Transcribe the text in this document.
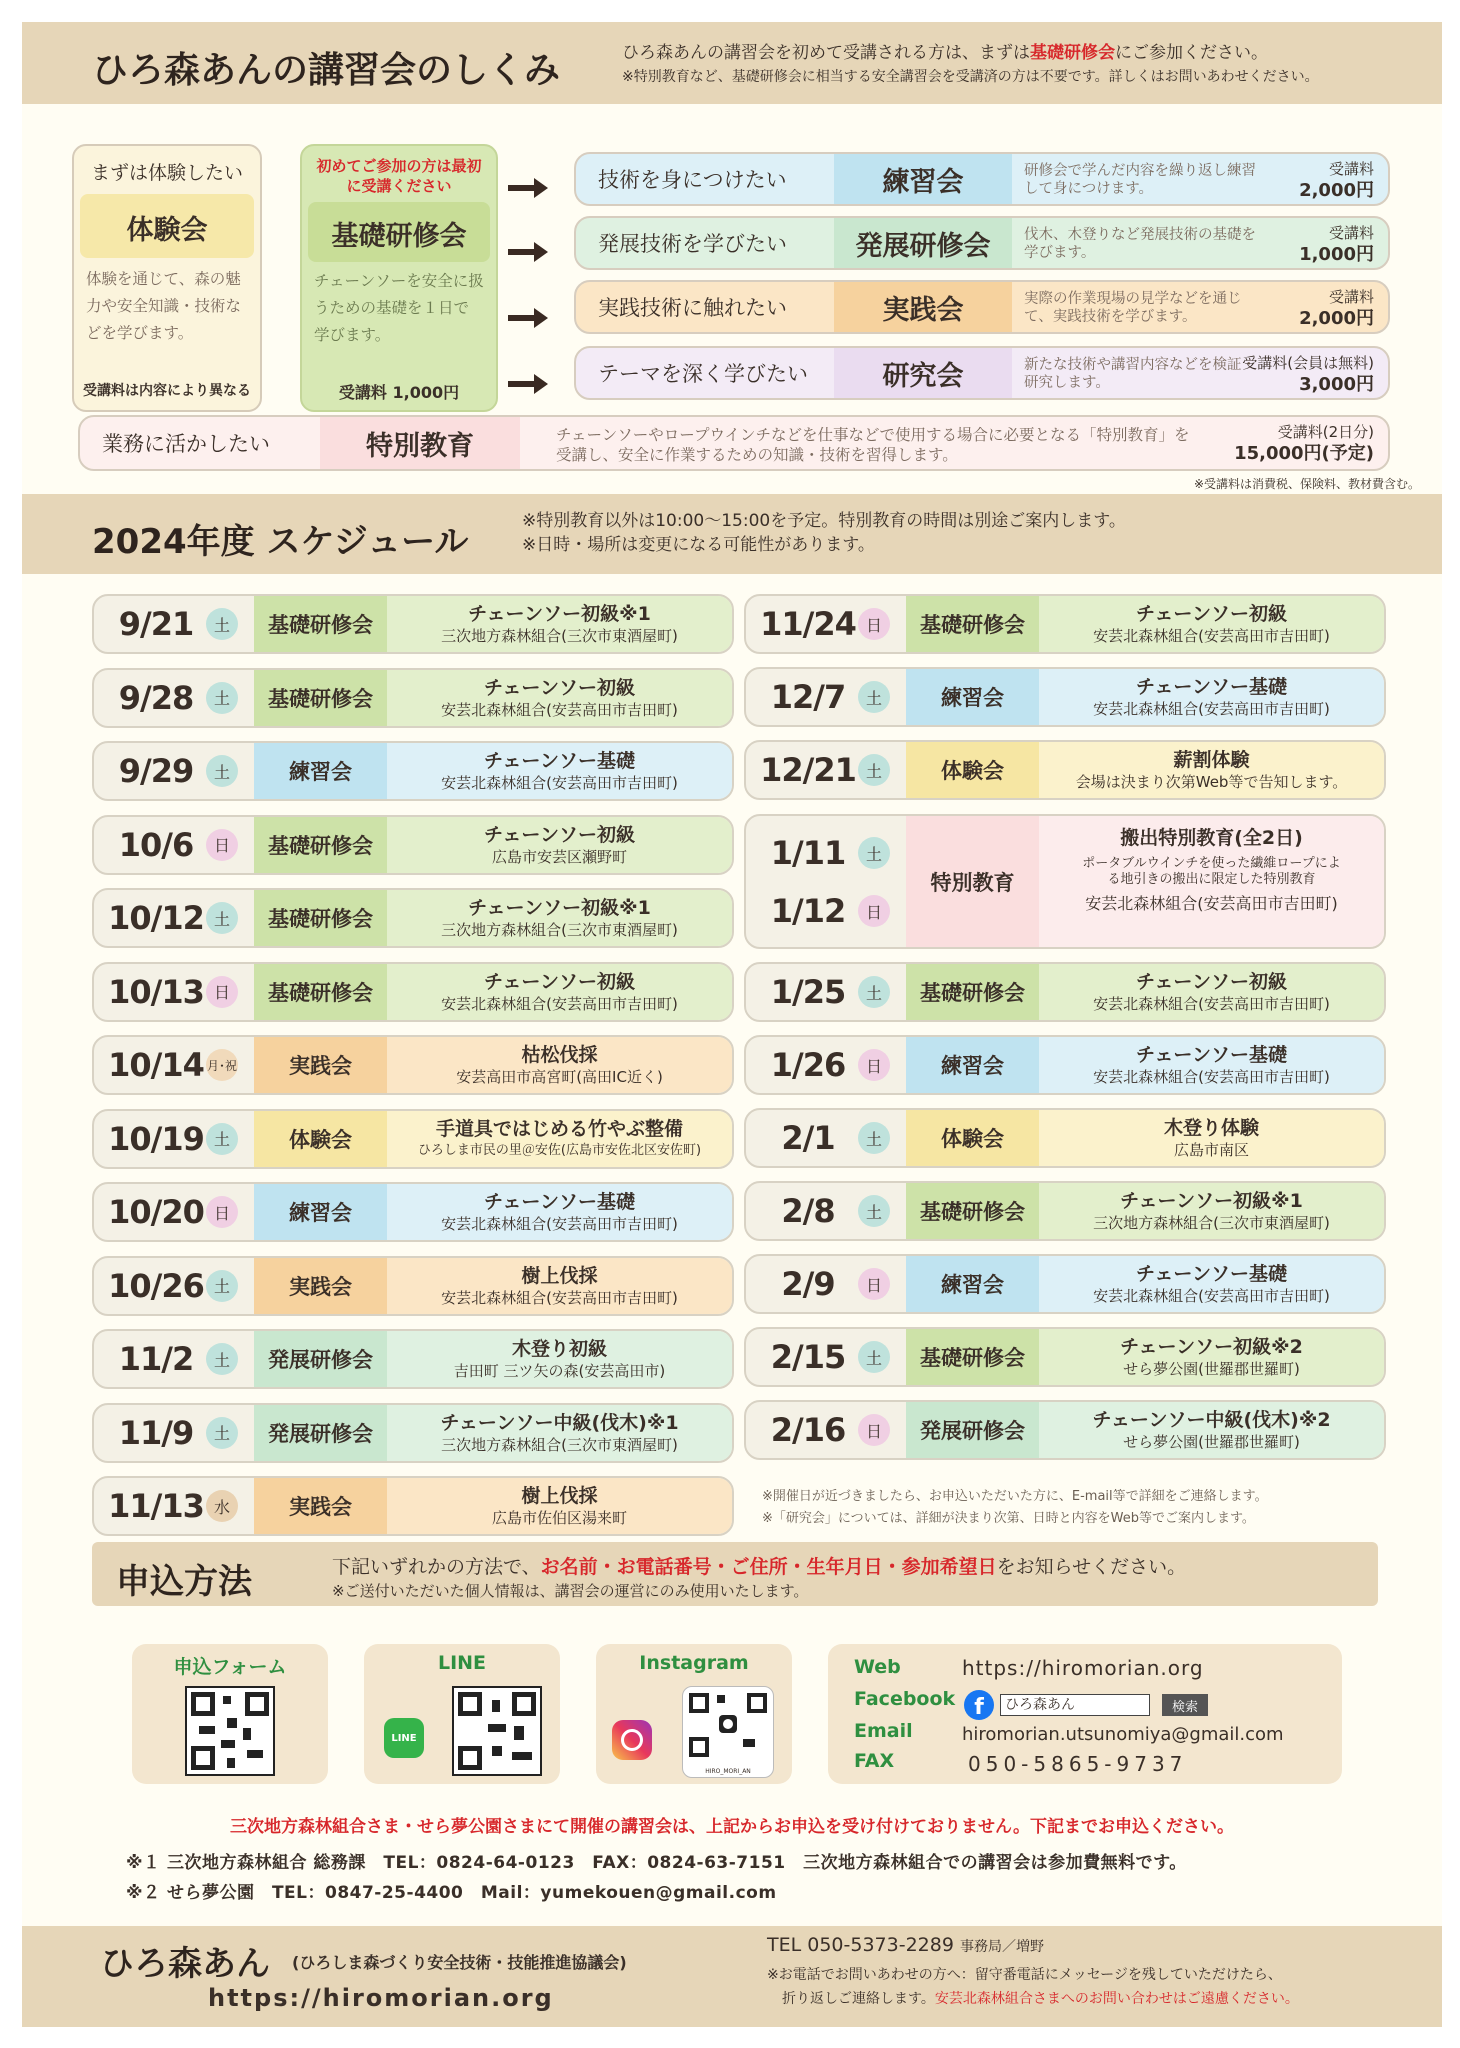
ひろ森あんの講習会のしくみ	ひろ森あんの講習会を初めて受講される方は、まずは基礎研修会にご参加ください。
※特別教育など、基礎研修会に相当する安全講習会を受講済の方は不要です。詳しくはお問いあわせください。
まずは体験したい
体験会
体験を通じて、森の魅力や安全知識・技術などを学びます。
受講料は内容により異なる
初めてご参加の方は最初に受講ください
基礎研修会
チェーンソーを安全に扱うための基礎を１日で学びます。
受講料 1,000円
技術を身につけたい	練習会	研修会で学んだ内容を繰り返し練習して身につけます。
受講料
2,000円
発展技術を学びたい	発展研修会	伐木、木登りなど発展技術の基礎を学びます。
受講料
1,000円
実践技術に触れたい	実践会	実際の作業現場の見学などを通じて、実践技術を学びます。
受講料
2,000円
テーマを深く学びたい	研究会	新たな技術や講習内容などを検証・研究します。
受講料(会員は無料)
3,000円
業務に活かしたい	特別教育	チェーンソーやロープウインチなどを仕事などで使用する場合に必要となる「特別教育」を受講し、安全に作業するための知識・技術を習得します。
受講料(2日分)
15,000円(予定)
※受講料は消費税、保険料、教材費含む。
2024年度 スケジュール
※特別教育以外は10:00～15:00を予定。特別教育の時間は別途ご案内します。
※日時・場所は変更になる可能性があります。
9/21	土	基礎研修会	チェーンソー初級※1
三次地方森林組合(三次市東酒屋町)
9/28	土	基礎研修会	チェーンソー初級
安芸北森林組合(安芸高田市吉田町)
9/29	土	練習会	チェーンソー基礎
安芸北森林組合(安芸高田市吉田町)
10/6	日	基礎研修会	チェーンソー初級
広島市安芸区瀬野町
10/12 土	基礎研修会	チェーンソー初級※1
三次地方森林組合(三次市東酒屋町)
10/13 日	基礎研修会	チェーンソー初級
安芸北森林組合(安芸高田市吉田町)
10/14 月･祝	実践会	枯松伐採
安芸高田市高宮町(高田IC近く)
10/19 土	体験会	手道具ではじめる竹やぶ整備
ひろしま市民の里＠安佐(広島市安佐北区安佐町)
10/20 日	練習会	チェーンソー基礎
安芸北森林組合(安芸高田市吉田町)
10/26 土	実践会	樹上伐採
安芸北森林組合(安芸高田市吉田町)
11/2	土	発展研修会	木登り初級
吉田町 三ツ矢の森(安芸高田市)
11/9	土	発展研修会	チェーンソー中級(伐木)※1
三次地方森林組合(三次市東酒屋町)
11/13 水	実践会	樹上伐採
広島市佐伯区湯来町
11/24 日	基礎研修会	チェーンソー初級
安芸北森林組合(安芸高田市吉田町)
12/7	土	練習会	チェーンソー基礎
安芸北森林組合(安芸高田市吉田町)
12/21 土	体験会	薪割体験
会場は決まり次第Web等で告知します。
1/25	土	基礎研修会	チェーンソー初級
安芸北森林組合(安芸高田市吉田町)
1/26	日	練習会	チェーンソー基礎
安芸北森林組合(安芸高田市吉田町)
2/1	土	体験会	木登り体験
広島市南区
2/8	土	基礎研修会	チェーンソー初級※1
三次地方森林組合(三次市東酒屋町)
2/9	日	練習会	チェーンソー基礎
安芸北森林組合(安芸高田市吉田町)
2/15	土	基礎研修会	チェーンソー初級※2
せら夢公園(世羅郡世羅町)
2/16	日	発展研修会	チェーンソー中級(伐木)※2
せら夢公園(世羅郡世羅町)
1/11	土
1/12	日
特別教育
搬出特別教育(全2日)
ポータブルウインチを使った繊維ロープによる地引きの搬出に限定した特別教育
安芸北森林組合(安芸高田市吉田町)
※開催日が近づきましたら、お申込いただいた方に、E-mail等で詳細をご連絡します。
※「研究会」については、詳細が決まり次第、日時と内容をWeb等でご案内します。
申込方法	下記いずれかの方法で、お名前・お電話番号・ご住所・生年月日・参加希望日をお知らせください。
※ご送付いただいた個人情報は、講習会の運営にのみ使用いたします。
申込フォーム	LINE
LINE
Instagram
HIRO_MORI_AN
Web	https://hiromorian.org
Facebook f	ひろ森あん	検索
Email	hiromorian.utsunomiya@gmail.com
FAX	050-5865-9737
三次地方森林組合さま・せら夢公園さまにて開催の講習会は、上記からお申込を受け付けておりません。下記までお申込ください。
※１ 三次地方森林組合 総務課　TEL：0824-64-0123　FAX：0824-63-7151　三次地方森林組合での講習会は参加費無料です。
※２ せら夢公園　TEL：0847-25-4400　Mail：yumekouen@gmail.com
ひろ森あん (ひろしま森づくり安全技術・技能推進協議会)
https://hiromorian.org
TEL 050-5373-2289 事務局／増野
※お電話でお問いあわせの方へ：留守番電話にメッセージを残していただけたら、
折り返しご連絡します。安芸北森林組合さまへのお問い合わせはご遠慮ください。
